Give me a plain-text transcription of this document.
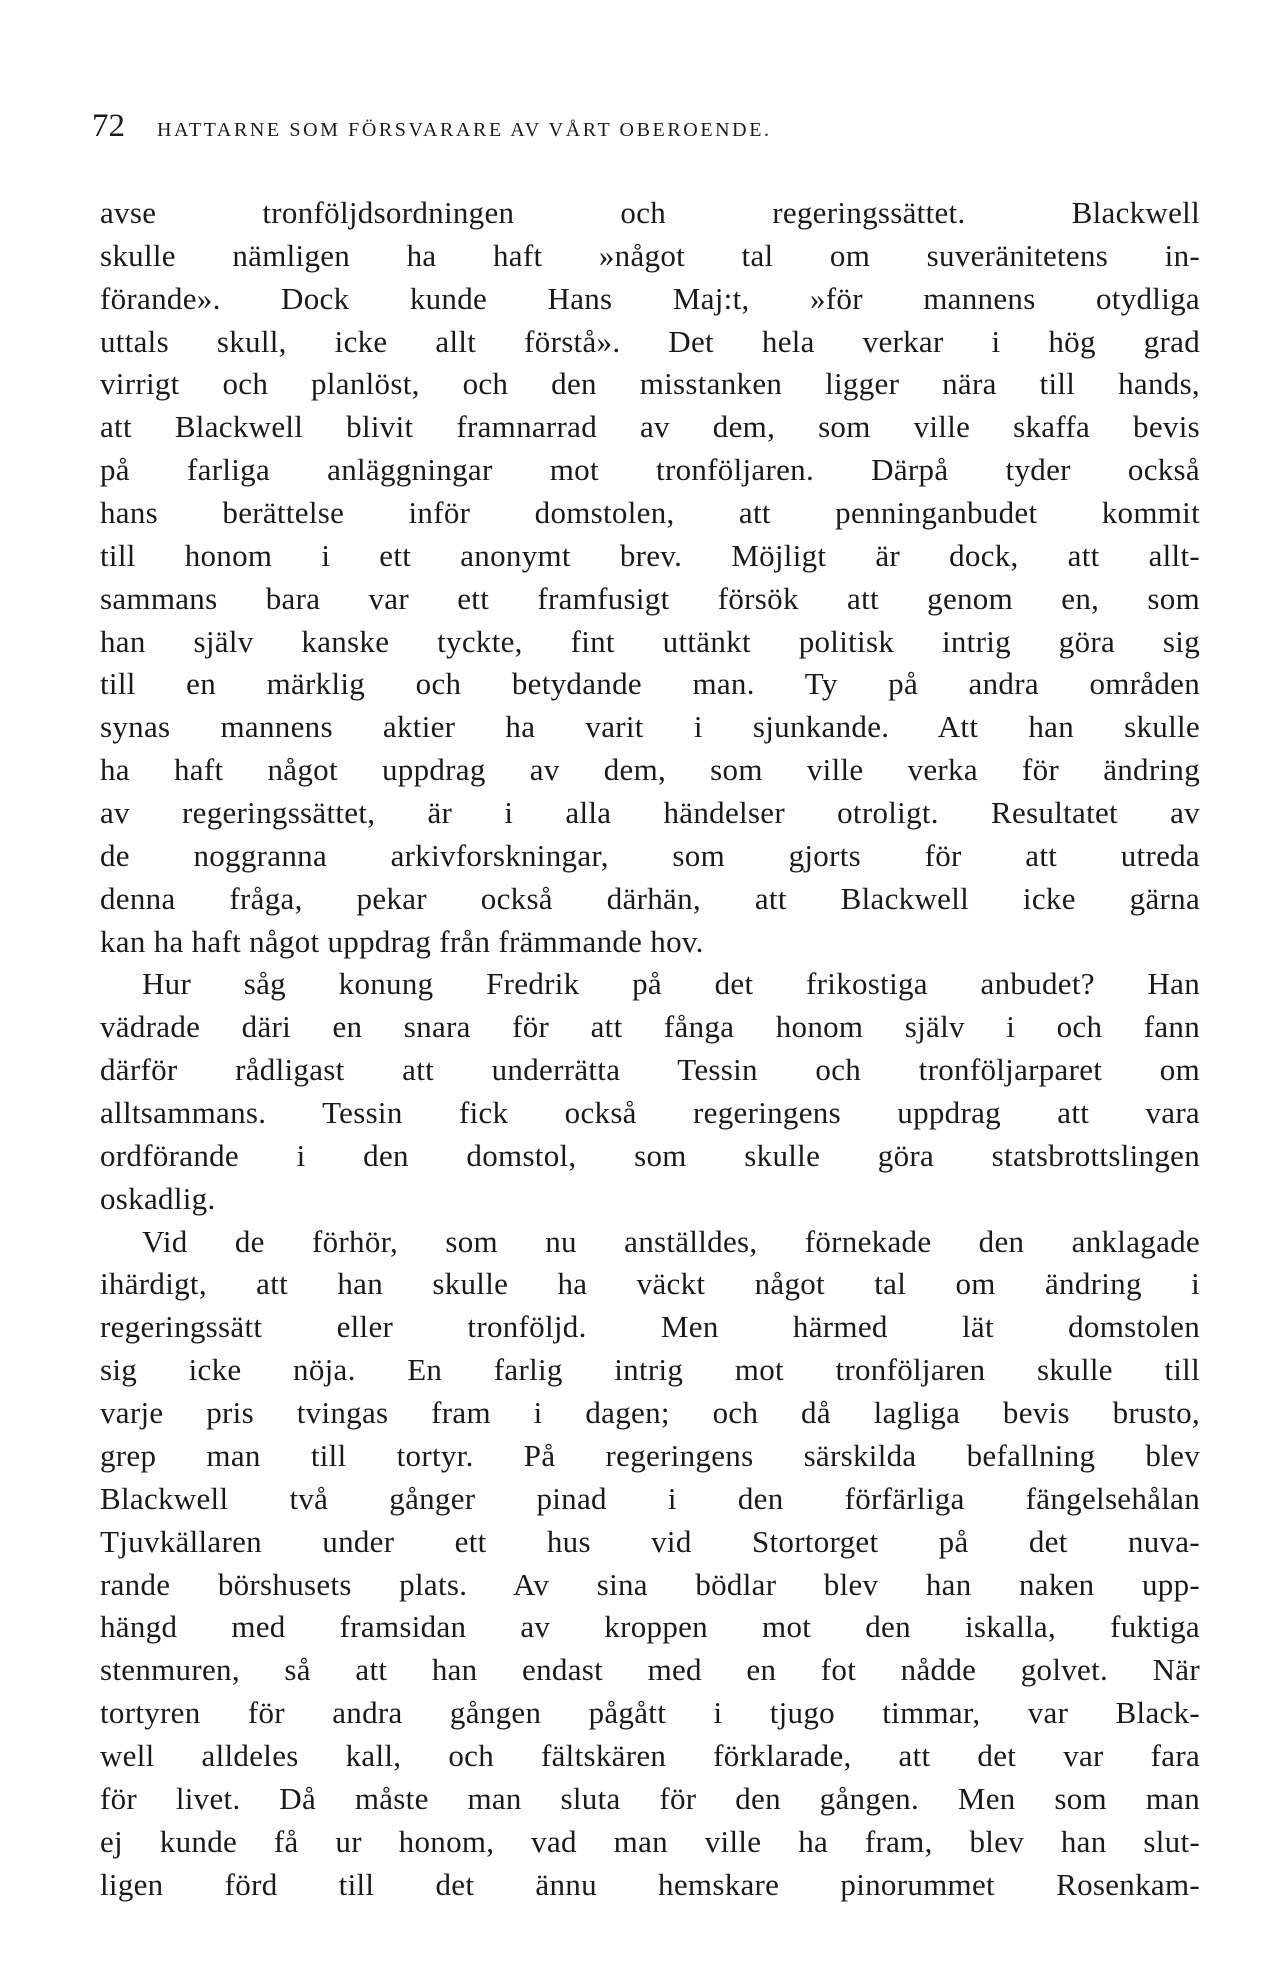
72 HATTARNE SOM FÖRSVARARE AV VÅRT OBEROENDE.
avse tronföljdsordningen och regeringssättet. Blackwell
skulle nämligen ha haft »något tal om suveränitetens in-
förande». Dock kunde Hans Maj:t, »för mannens otydliga
uttals skull, icke allt förstå». Det hela verkar i hög grad
virrigt och planlöst, och den misstanken ligger nära till hands,
att Blackwell blivit framnarrad av dem, som ville skaffa bevis
på farliga anläggningar mot tronföljaren. Därpå tyder också
hans berättelse inför domstolen, att penninganbudet kommit
till honom i ett anonymt brev. Möjligt är dock, att allt-
sammans bara var ett framfusigt försök att genom en, som
han själv kanske tyckte, fint uttänkt politisk intrig göra sig
till en märklig och betydande man. Ty på andra områden
synas mannens aktier ha varit i sjunkande. Att han skulle
ha haft något uppdrag av dem, som ville verka för ändring
av regeringssättet, är i alla händelser otroligt. Resultatet av
de noggranna arkivforskningar, som gjorts för att utreda
denna fråga, pekar också därhän, att Blackwell icke gärna
kan ha haft något uppdrag från främmande hov.
Hur såg konung Fredrik på det frikostiga anbudet? Han
vädrade däri en snara för att fånga honom själv i och fann
därför rådligast att underrätta Tessin och tronföljarparet om
alltsammans. Tessin fick också regeringens uppdrag att vara
ordförande i den domstol, som skulle göra statsbrottslingen
oskadlig.
Vid de förhör, som nu anställdes, förnekade den anklagade
ihärdigt, att han skulle ha väckt något tal om ändring i
regeringssätt eller tronföljd. Men härmed lät domstolen
sig icke nöja. En farlig intrig mot tronföljaren skulle till
varje pris tvingas fram i dagen; och då lagliga bevis brusto,
grep man till tortyr. På regeringens särskilda befallning blev
Blackwell två gånger pinad i den förfärliga fängelsehålan
Tjuvkällaren under ett hus vid Stortorget på det nuva-
rande börshusets plats. Av sina bödlar blev han naken upp-
hängd med framsidan av kroppen mot den iskalla, fuktiga
stenmuren, så att han endast med en fot nådde golvet. När
tortyren för andra gången pågått i tjugo timmar, var Black-
well alldeles kall, och fältskären förklarade, att det var fara
för livet. Då måste man sluta för den gången. Men som man
ej kunde få ur honom, vad man ville ha fram, blev han slut-
ligen förd till det ännu hemskare pinorummet Rosenkam-
